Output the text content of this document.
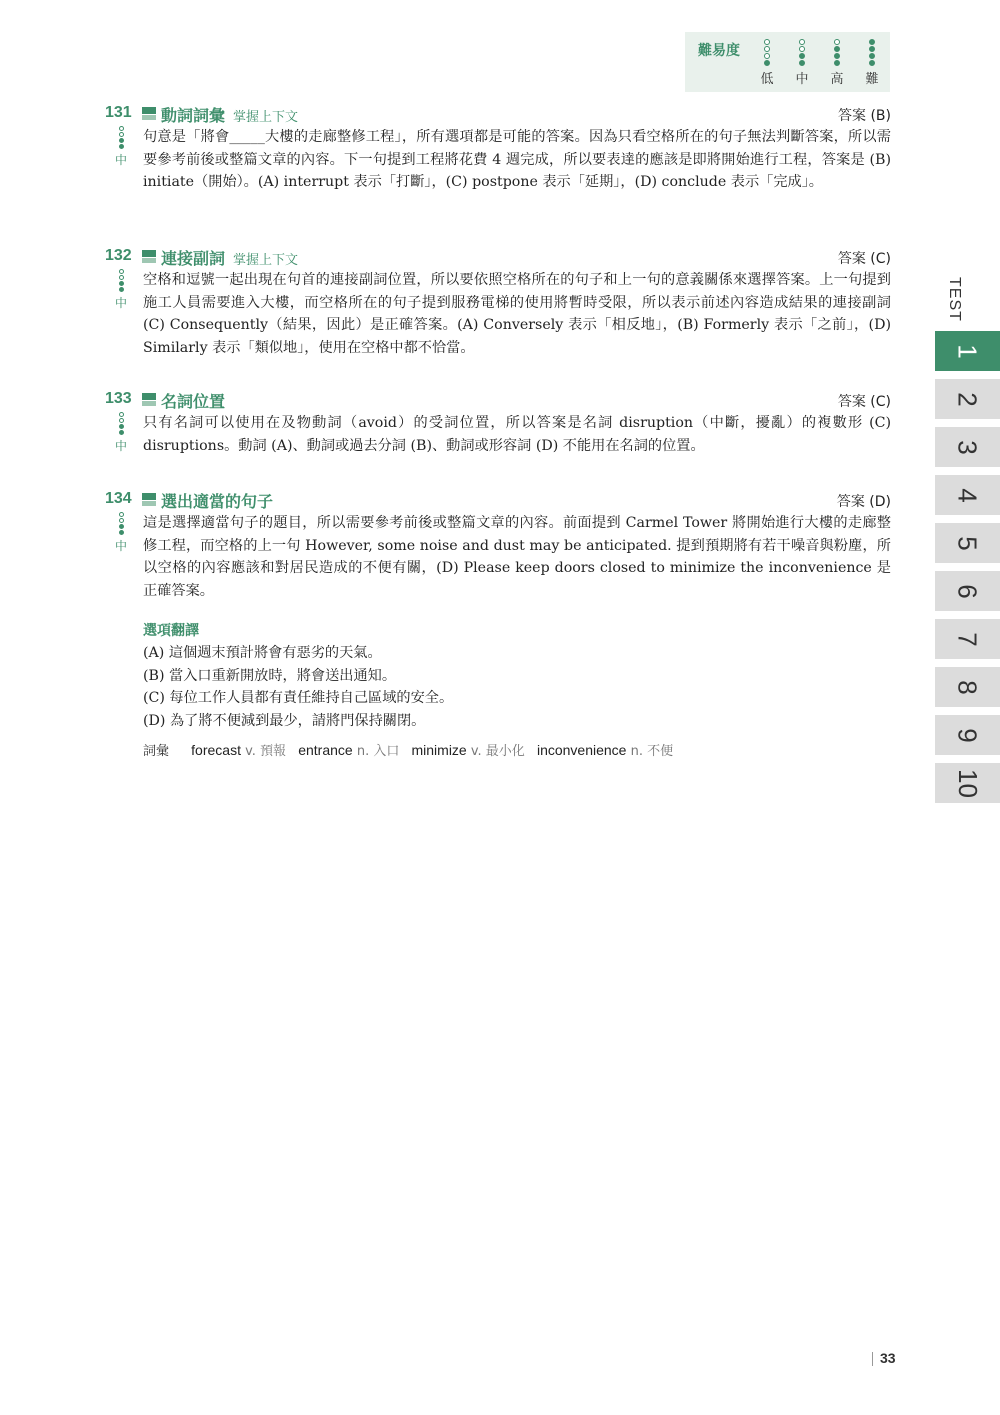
難易度
低 中 高 難
131 動詞詞彙 掌握上下文	答案 (B)
中

句意是「將會_____大樓的走廊整修工程」，所有選項都是可能的答案。因為只看空格所在的句子無法判斷答案，所以需要參考前後或整篇文章的內容。下一句提到工程將花費 4 週完成，所以要表達的應該是即將開始進行工程，答案是 (B) initiate（開始）。(A) interrupt 表示「打斷」，(C) postpone 表示「延期」，(D) conclude 表示「完成」。

132 連接副詞 掌握上下文	答案 (C)
中

空格和逗號一起出現在句首的連接副詞位置，所以要依照空格所在的句子和上一句的意義關係來選擇答案。上一句提到施工人員需要進入大樓，而空格所在的句子提到服務電梯的使用將暫時受限，所以表示前述內容造成結果的連接副詞 (C) Consequently（結果，因此）是正確答案。(A) Conversely 表示「相反地」，(B) Formerly 表示「之前」，(D) Similarly 表示「類似地」，使用在空格中都不恰當。

133 名詞位置	答案 (C)
中

只有名詞可以使用在及物動詞（avoid）的受詞位置，所以答案是名詞 disruption（中斷，擾亂）的複數形 (C) disruptions。動詞 (A)、動詞或過去分詞 (B)、動詞或形容詞 (D) 不能用在名詞的位置。

134 選出適當的句子	答案 (D)
中

這是選擇適當句子的題目，所以需要參考前後或整篇文章的內容。前面提到 Carmel Tower 將開始進行大樓的走廊整修工程，而空格的上一句 However, some noise and dust may be anticipated. 提到預期將有若干噪音與粉塵，所以空格的內容應該和對居民造成的不便有關，(D) Please keep doors closed to minimize the inconvenience 是正確答案。

選項翻譯
(A) 這個週末預計將會有惡劣的天氣。
(B) 當入口重新開放時，將會送出通知。
(C) 每位工作人員都有責任維持自己區域的安全。
(D) 為了將不便減到最少，請將門保持關閉。
詞彙 forecast v. 預報 entrance n. 入口 minimize v. 最小化 inconvenience n. 不便
TEST
1
2
3
4
5
6
7
8
9
10
33
